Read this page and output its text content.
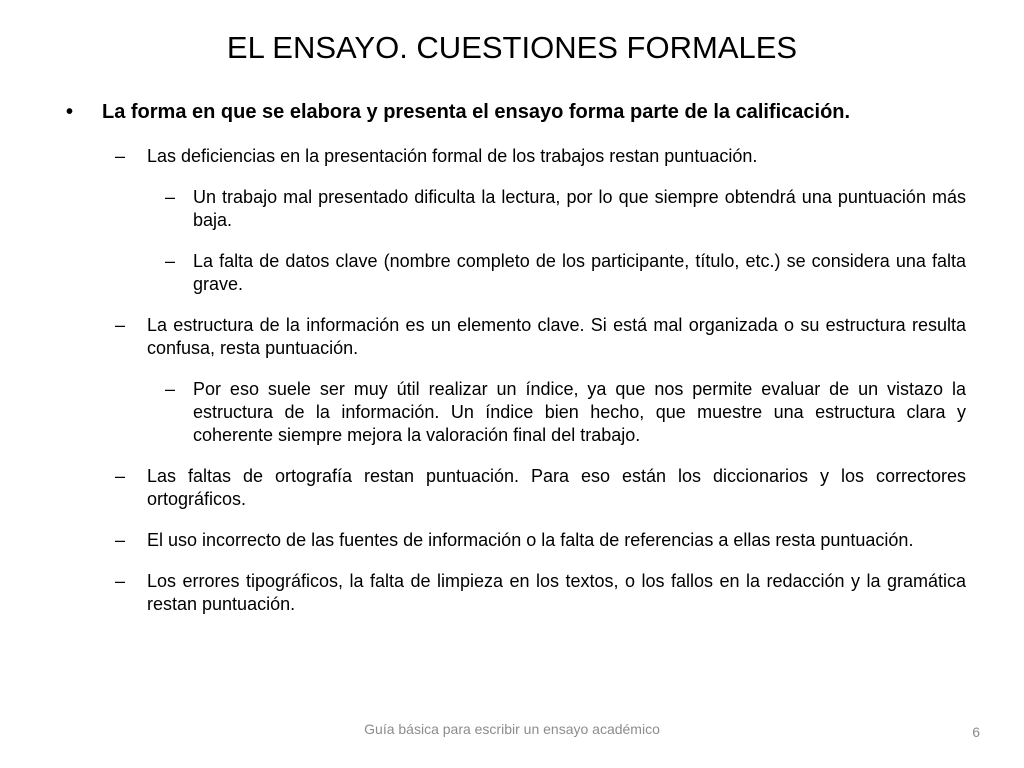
EL ENSAYO. CUESTIONES FORMALES
• La forma en que se elabora y presenta el ensayo forma parte de la calificación.
– Las deficiencias en la presentación formal de los trabajos restan puntuación.
– Un trabajo mal presentado dificulta la lectura, por lo que siempre obtendrá una puntuación más baja.
– La falta de datos clave (nombre completo de los participante, título, etc.) se considera una falta grave.
– La estructura de la información es un elemento clave. Si está mal organizada o su estructura resulta confusa, resta puntuación.
– Por eso suele ser muy útil realizar un índice, ya que nos permite evaluar de un vistazo la estructura de la información. Un índice bien hecho, que muestre una estructura clara y coherente siempre mejora la valoración final del trabajo.
– Las faltas de ortografía restan puntuación. Para eso están los diccionarios y los correctores ortográficos.
– El uso incorrecto de las fuentes de información o la falta de referencias a ellas resta puntuación.
– Los errores tipográficos, la falta de limpieza en los textos, o los fallos en la redacción y la gramática restan puntuación.
Guía básica para escribir un ensayo académico	6
